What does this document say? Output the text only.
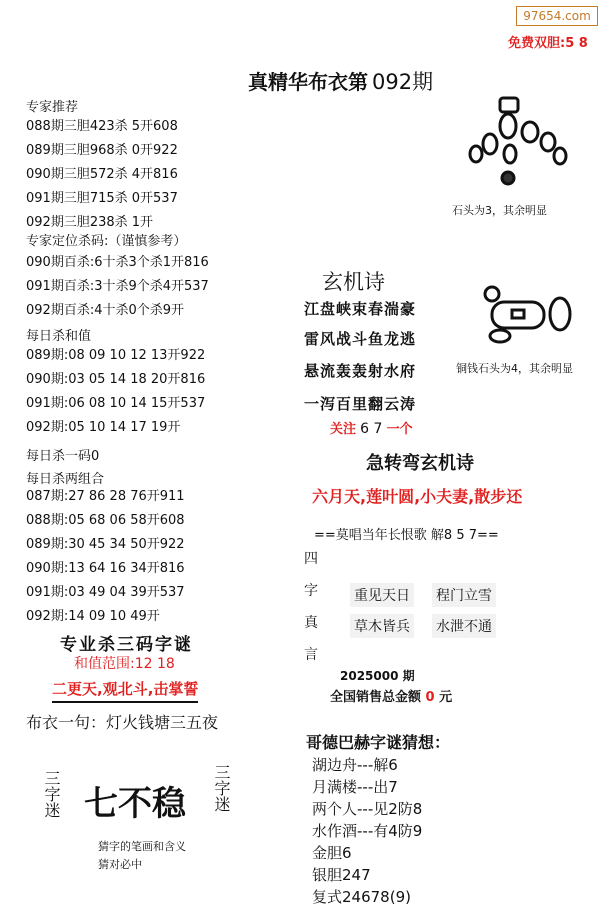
97654.com
免费双胆:5 8
真精华布衣第 092期
专家推荐
088期三胆423杀 5开608
089期三胆968杀 0开922
090期三胆572杀 4开816
091期三胆715杀 0开537
092期三胆238杀 1开
专家定位杀码:（谨慎参考）
090期百杀:6十杀3个杀1开816
091期百杀:3十杀9个杀4开537
092期百杀:4十杀0个杀9开
每日杀和值
089期:08 09 10 12 13开922
090期:03 05 14 18 20开816
091期:06 08 10 14 15开537
092期:05 10 14 17 19开
每日杀一码0
每日杀两组合
087期:27 86 28 76开911
088期:05 68 06 58开608
089期:30 45 34 50开922
090期:13 64 16 34开816
091期:03 49 04 39开537
092期:14 09 10 49开
专业杀三码字谜
和值范围:12 18
二更天,观北斗,击掌誓
布衣一句：灯火钱塘三五夜
三字迷 七不稳 三字迷
猜字的笔画和含义
猜对必中
石头为3，其余明显
铜钱石头为4，其余明显
玄机诗
江盘峡束春湍豪
雷风战斗鱼龙逃
悬流轰轰射水府
一泻百里翻云涛
关注 6 7 一个
急转弯玄机诗
六月天,莲叶圆,小夫妻,散步还
==莫唱当年长恨歌 解8 5 7==
四
字
真
言
重见天日 程门立雪
草木皆兵 水泄不通
2025000 期
全国销售总金额 0 元
哥德巴赫字谜猜想：
湖边舟---解6
月满楼---出7
两个人---见2防8
水作酒---有4防9
金胆6
银胆247
复式24678(9)
